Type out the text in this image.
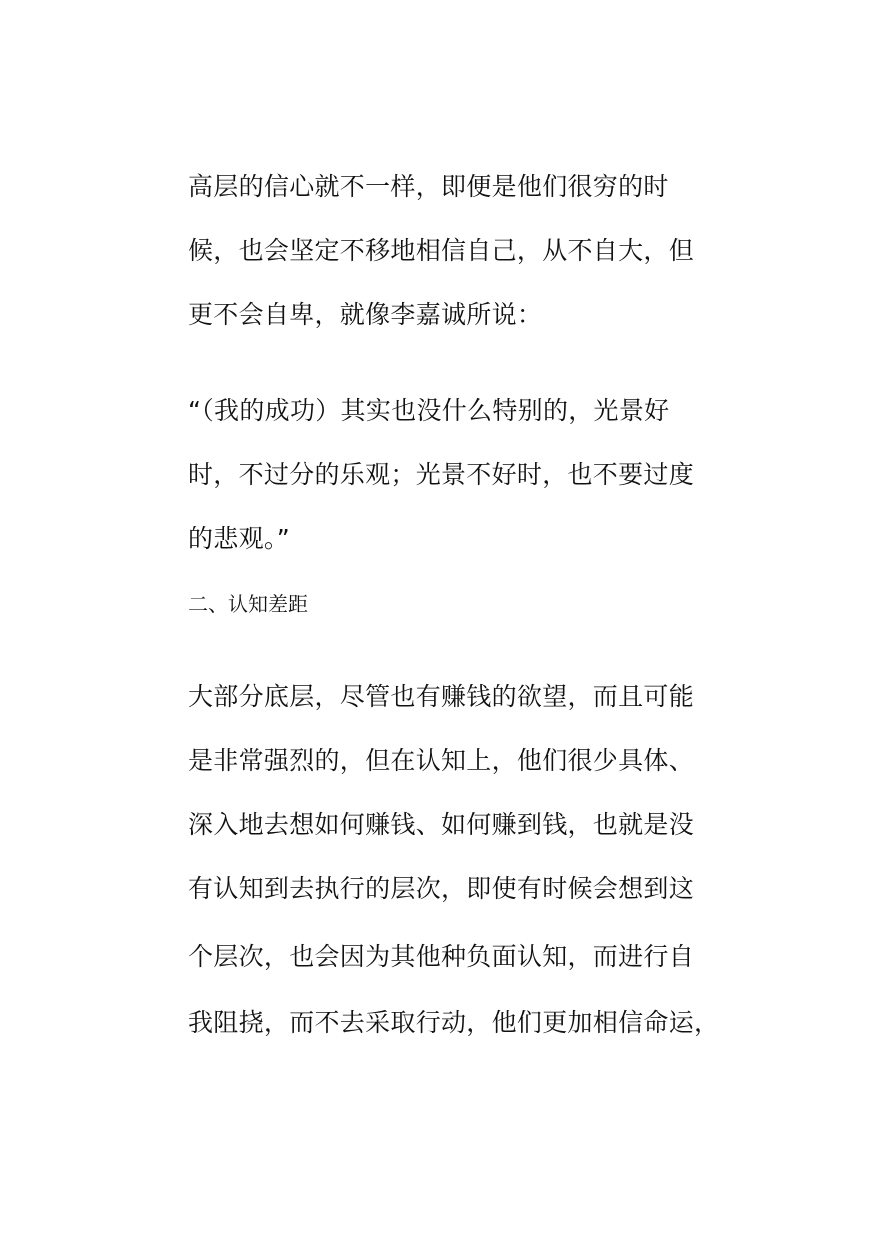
高层的信心就不一样，即便是他们很穷的时
候，也会坚定不移地相信自己，从不自大，但
更不会自卑，就像李嘉诚所说：
“（我的成功）其实也没什么特别的，光景好
时，不过分的乐观；光景不好时，也不要过度
的悲观。”
二、认知差距
大部分底层，尽管也有赚钱的欲望，而且可能
是非常强烈的，但在认知上，他们很少具体、
深入地去想如何赚钱、如何赚到钱，也就是没
有认知到去执行的层次，即使有时候会想到这
个层次，也会因为其他种负面认知，而进行自
我阻挠，而不去采取行动，他们更加相信命运，
